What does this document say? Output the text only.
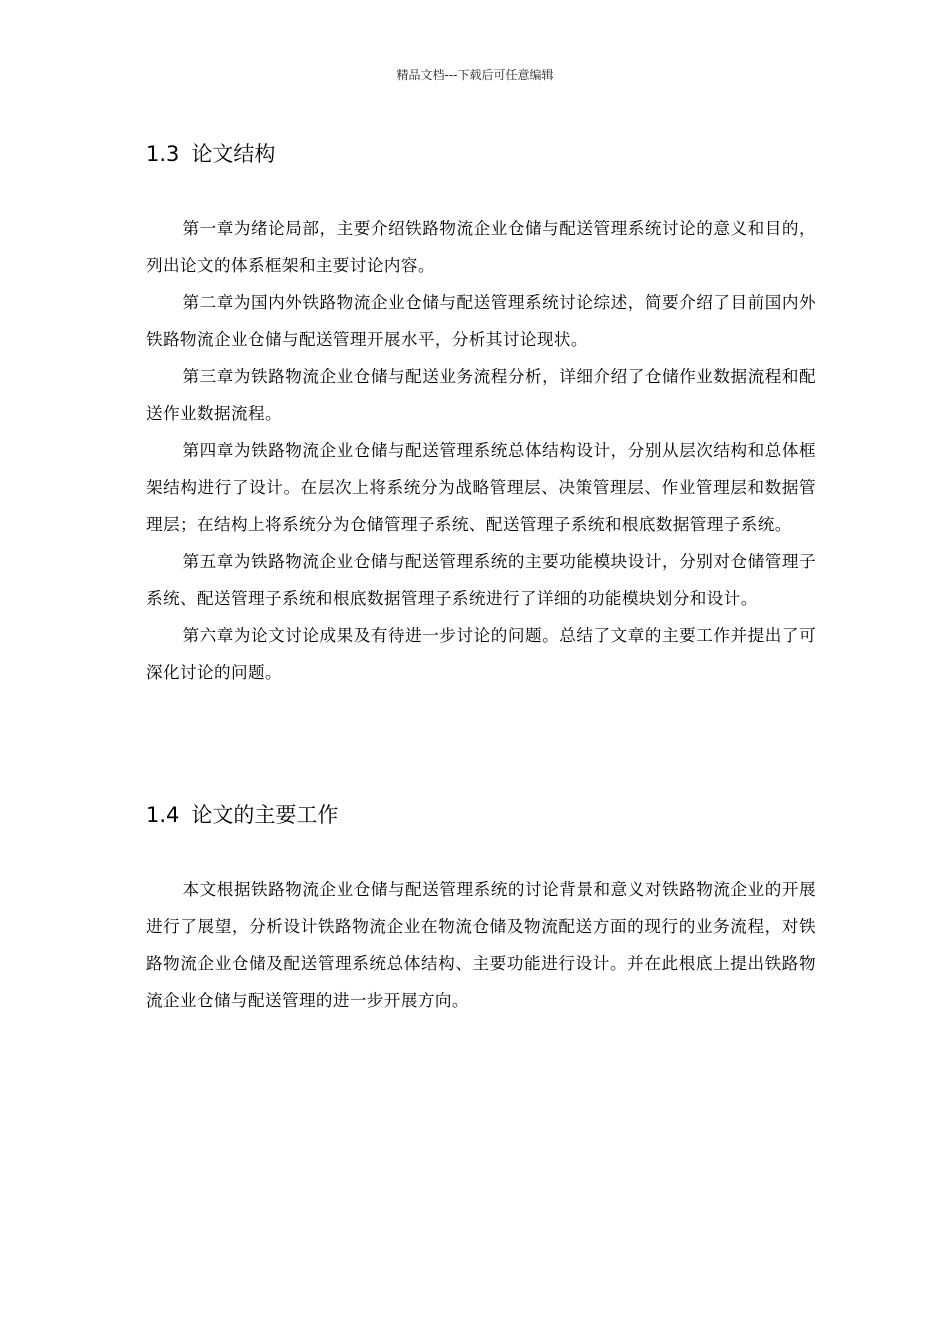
精品文档---下载后可任意编辑
1.3 论文结构

第一章为绪论局部，主要介绍铁路物流企业仓储与配送管理系统讨论的意义和目的，列出论文的体系框架和主要讨论内容。

第二章为国内外铁路物流企业仓储与配送管理系统讨论综述，简要介绍了目前国内外铁路物流企业仓储与配送管理开展水平，分析其讨论现状。

第三章为铁路物流企业仓储与配送业务流程分析，详细介绍了仓储作业数据流程和配送作业数据流程。

第四章为铁路物流企业仓储与配送管理系统总体结构设计，分别从层次结构和总体框架结构进行了设计。在层次上将系统分为战略管理层、决策管理层、作业管理层和数据管理层；在结构上将系统分为仓储管理子系统、配送管理子系统和根底数据管理子系统。

第五章为铁路物流企业仓储与配送管理系统的主要功能模块设计，分别对仓储管理子系统、配送管理子系统和根底数据管理子系统进行了详细的功能模块划分和设计。

第六章为论文讨论成果及有待进一步讨论的问题。总结了文章的主要工作并提出了可深化讨论的问题。

1.4 论文的主要工作

本文根据铁路物流企业仓储与配送管理系统的讨论背景和意义对铁路物流企业的开展进行了展望，分析设计铁路物流企业在物流仓储及物流配送方面的现行的业务流程，对铁路物流企业仓储及配送管理系统总体结构、主要功能进行设计。并在此根底上提出铁路物流企业仓储与配送管理的进一步开展方向。
